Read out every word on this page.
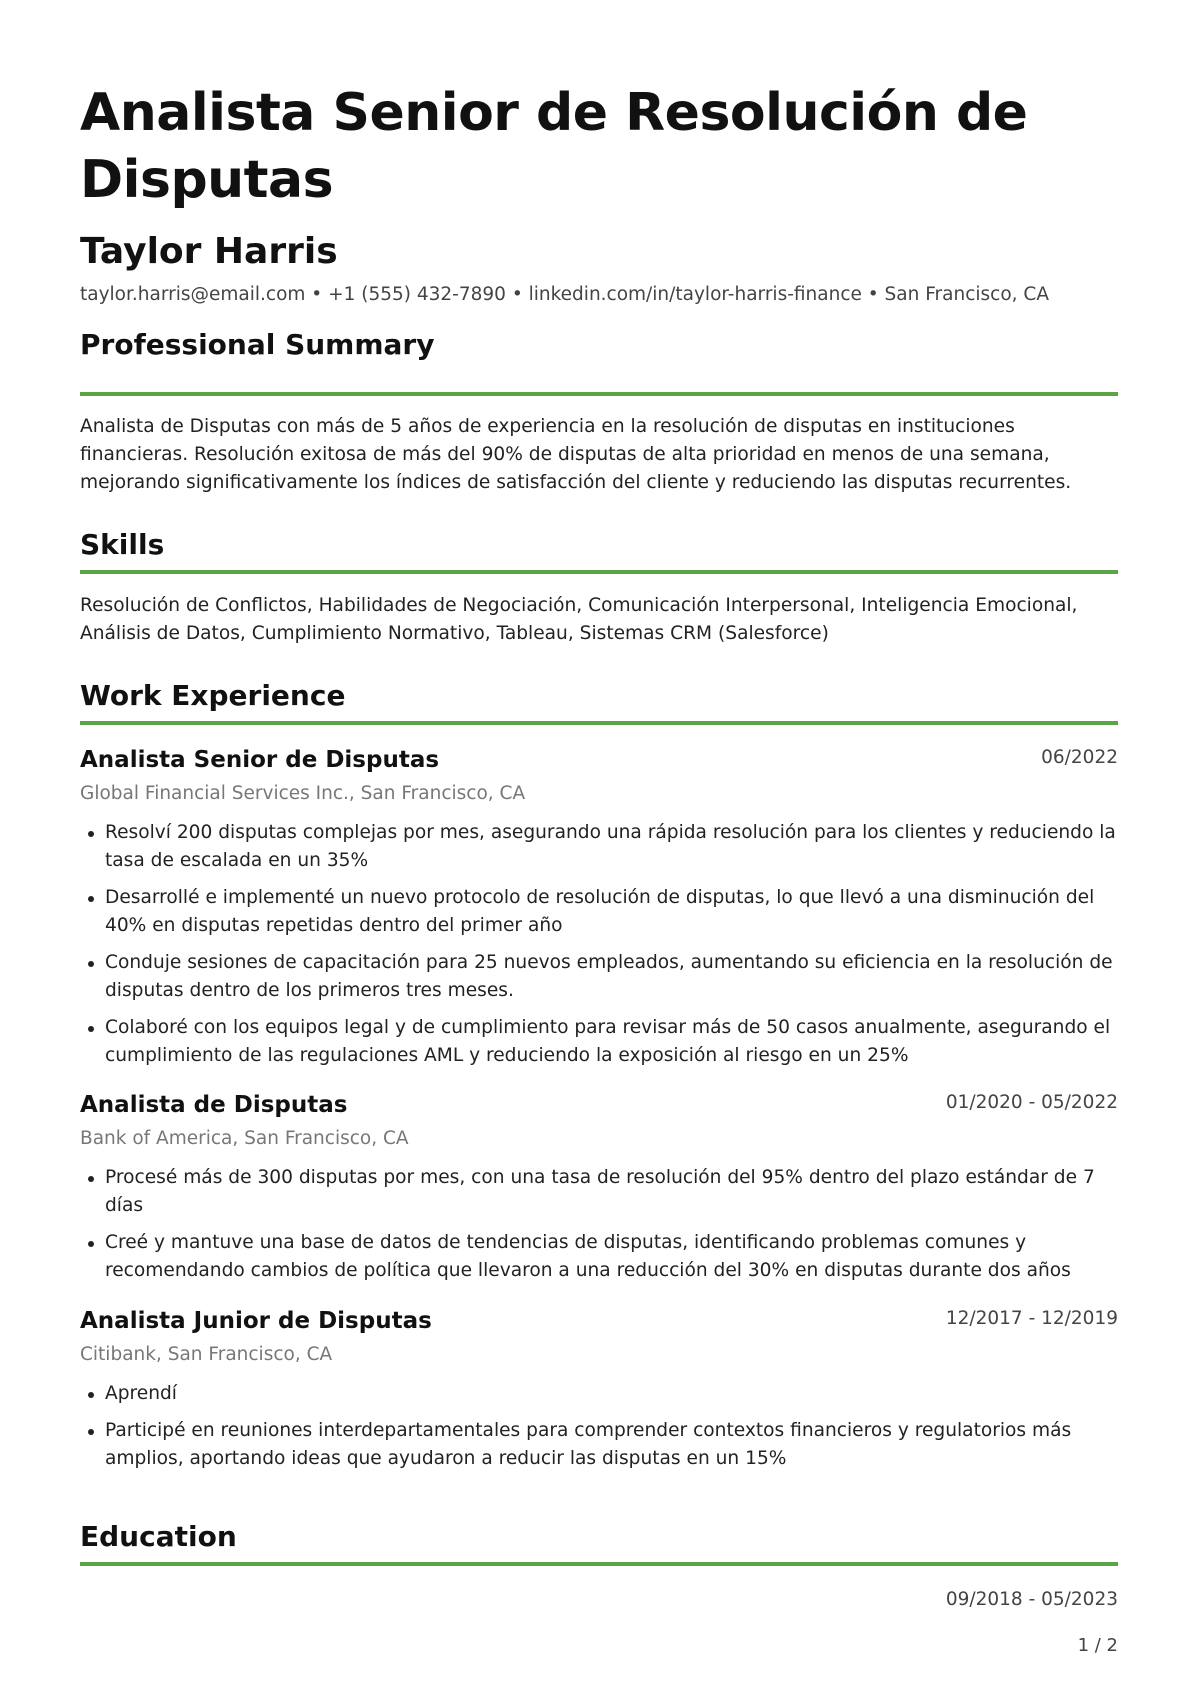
Analista Senior de Resolución de Disputas
Taylor Harris
taylor.harris@email.com • +1 (555) 432-7890 • linkedin.com/in/taylor-harris-finance • San Francisco, CA
Professional Summary

Analista de Disputas con más de 5 años de experiencia en la resolución de disputas en instituciones financieras. Resolución exitosa de más del 90% de disputas de alta prioridad en menos de una semana, mejorando significativamente los índices de satisfacción del cliente y reduciendo las disputas recurrentes.

Skills

Resolución de Conflictos, Habilidades de Negociación, Comunicación Interpersonal, Inteligencia Emocional, Análisis de Datos, Cumplimiento Normativo, Tableau, Sistemas CRM (Salesforce)

Work Experience
Analista Senior de Disputas	06/2022
Global Financial Services Inc., San Francisco, CA
Resolví 200 disputas complejas por mes, asegurando una rápida resolución para los clientes y reduciendo la tasa de escalada en un 35%
Desarrollé e implementé un nuevo protocolo de resolución de disputas, lo que llevó a una disminución del 40% en disputas repetidas dentro del primer año
Conduje sesiones de capacitación para 25 nuevos empleados, aumentando su eficiencia en la resolución de disputas dentro de los primeros tres meses.
Colaboré con los equipos legal y de cumplimiento para revisar más de 50 casos anualmente, asegurando el cumplimiento de las regulaciones AML y reduciendo la exposición al riesgo en un 25%
Analista de Disputas	01/2020 - 05/2022
Bank of America, San Francisco, CA
Procesé más de 300 disputas por mes, con una tasa de resolución del 95% dentro del plazo estándar de 7 días
Creé y mantuve una base de datos de tendencias de disputas, identificando problemas comunes y recomendando cambios de política que llevaron a una reducción del 30% en disputas durante dos años
Analista Junior de Disputas	12/2017 - 12/2019
Citibank, San Francisco, CA
Aprendí
Participé en reuniones interdepartamentales para comprender contextos financieros y regulatorios más amplios, aportando ideas que ayudaron a reducir las disputas en un 15%
Education
09/2018 - 05/2023
1 / 2
